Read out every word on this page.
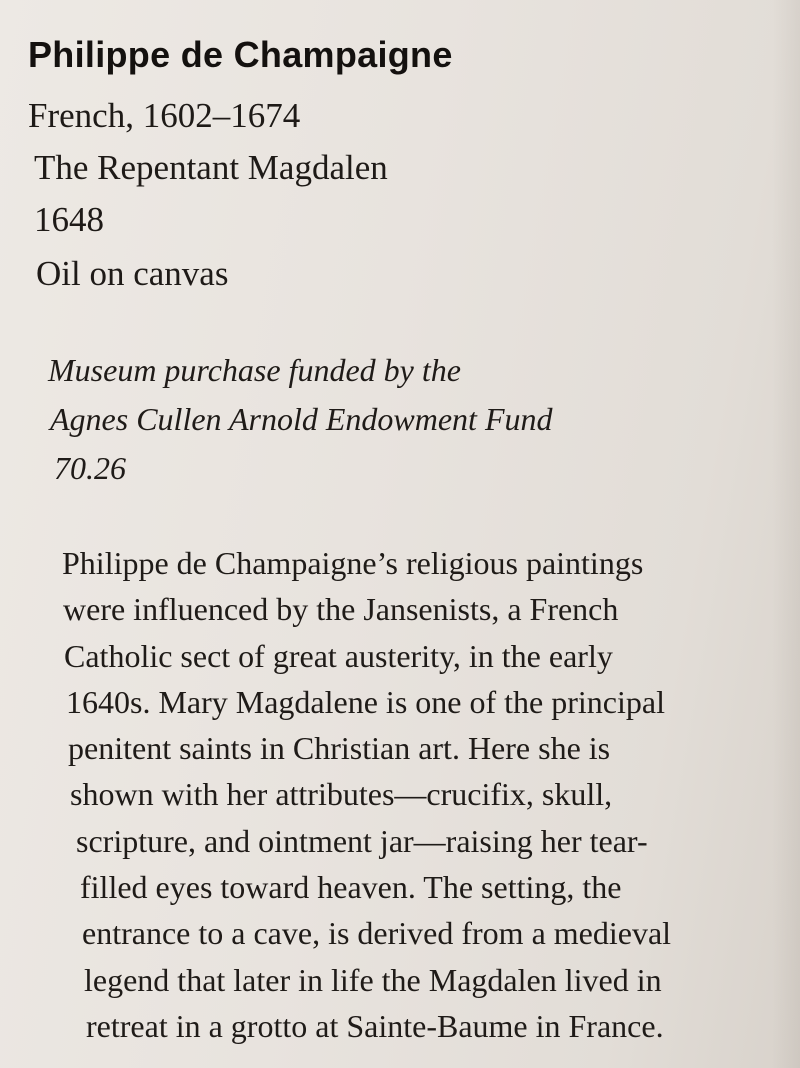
Philippe de Champaigne
French, 1602–1674
The Repentant Magdalen
1648
Oil on canvas
Museum purchase funded by the
Agnes Cullen Arnold Endowment Fund
70.26
Philippe de Champaigne’s religious paintings
were influenced by the Jansenists, a French
Catholic sect of great austerity, in the early
1640s. Mary Magdalene is one of the principal
penitent saints in Christian art. Here she is
shown with her attributes—crucifix, skull,
scripture, and ointment jar—raising her tear-
filled eyes toward heaven. The setting, the
entrance to a cave, is derived from a medieval
legend that later in life the Magdalen lived in
retreat in a grotto at Sainte-Baume in France.
